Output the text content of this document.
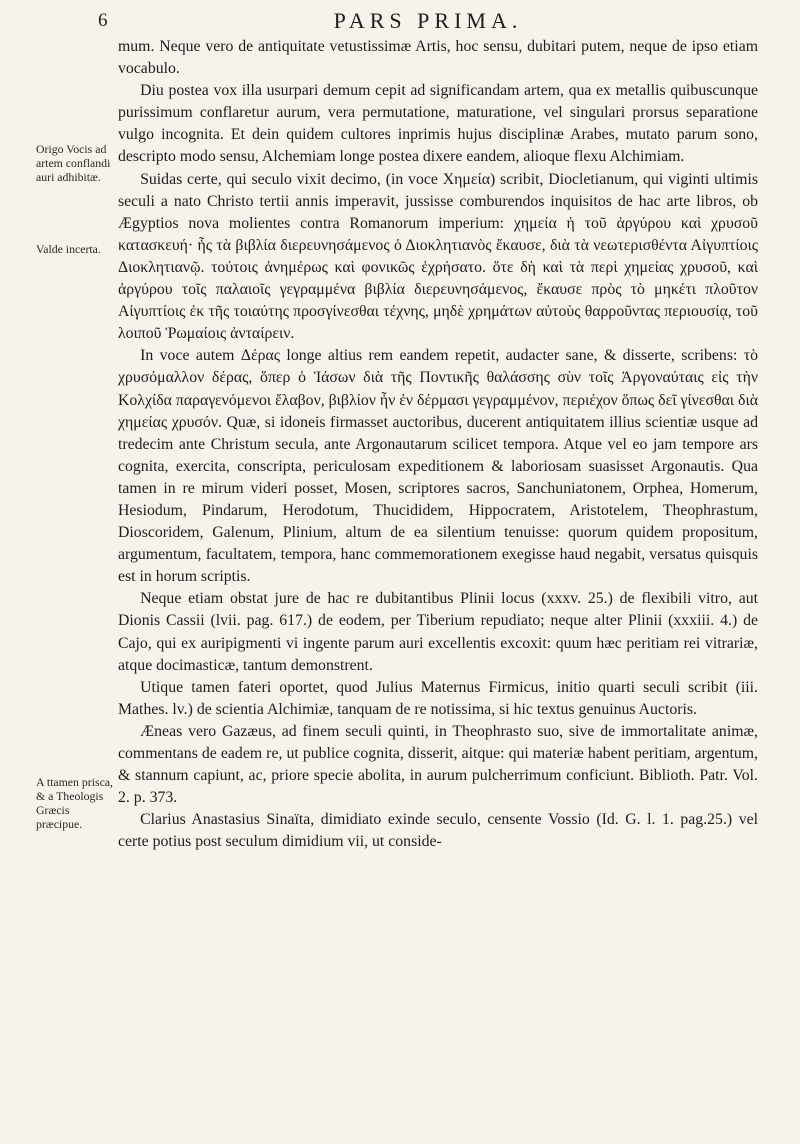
6	PARS PRIMA.
Origo Vocis ad artem conflandi auri adhibitæ.
Valde incerta.
A ttamen prisca, & a Theologis Græcis præcipue.

mum. Neque vero de antiquitate vetustissimæ Artis, hoc sensu, dubitari putem, neque de ipso etiam vocabulo.

Diu postea vox illa usurpari demum cepit ad significandam artem, qua ex metallis quibuscunque purissimum conflaretur aurum, vera permutatione, maturatione, vel singulari prorsus separatione vulgo incognita. Et dein quidem cultores inprimis hujus disciplinæ Arabes, mutato parum sono, descripto modo sensu, Alchemiam longe postea dixere eandem, alioque flexu Alchimiam.

Suidas certe, qui seculo vixit decimo, (in voce Χημεία) scribit, Diocletianum, qui viginti ultimis seculi a nato Christo tertii annis imperavit, jussisse comburendos inquisitos de hac arte libros, ob Ægyptios nova molientes contra Romanorum imperium: χημεία ἡ τοῦ ἀργύρου καὶ χρυσοῦ κατασκευή· ἧς τὰ βιβλία διερευνησάμενος ὁ Διοκλητιανὸς ἔκαυσε, διὰ τὰ νεωτερισθέντα Αἰγυπτίοις Διοκλητιανῷ. τούτοις ἀνημέρως καὶ φονικῶς ἐχρήσατο. ὅτε δὴ καὶ τὰ περὶ χημείας χρυσοῦ, καὶ ἀργύρου τοῖς παλαιοῖς γεγραμμένα βιβλία διερευνησάμενος, ἔκαυσε πρὸς τὸ μηκέτι πλοῦτον Αἰγυπτίοις ἐκ τῆς τοιαύτης προσγίνεσθαι τέχνης, μηδὲ χρημάτων αὐτοὺς θαρροῦντας περιουσίᾳ, τοῦ λοιποῦ Ῥωμαίοις ἀνταίρειν.

In voce autem Δέρας longe altius rem eandem repetit, audacter sane, & disserte, scribens: τὸ χρυσόμαλλον δέρας, ὅπερ ὁ Ἰάσων διὰ τῆς Ποντικῆς θαλάσσης σὺν τοῖς Ἀργοναύταις εἰς τὴν Κολχίδα παραγενόμενοι ἔλαβον, βιβλίον ἦν ἐν δέρμασι γεγραμμένον, περιέχον ὅπως δεῖ γίνεσθαι διὰ χημείας χρυσόν. Quæ, si idoneis firmasset auctoribus, ducerent antiquitatem illius scientiæ usque ad tredecim ante Christum secula, ante Argonautarum scilicet tempora. Atque vel eo jam tempore ars cognita, exercita, conscripta, periculosam expeditionem & laboriosam suasisset Argonautis. Qua tamen in re mirum videri posset, Mosen, scriptores sacros, Sanchuniatonem, Orphea, Homerum, Hesiodum, Pindarum, Herodotum, Thucididem, Hippocratem, Aristotelem, Theophrastum, Dioscoridem, Galenum, Plinium, altum de ea silentium tenuisse: quorum quidem propositum, argumentum, facultatem, tempora, hanc commemorationem exegisse haud negabit, versatus quisquis est in horum scriptis.

Neque etiam obstat jure de hac re dubitantibus Plinii locus (xxxv. 25.) de flexibili vitro, aut Dionis Cassii (lvii. pag. 617.) de eodem, per Tiberium repudiato; neque alter Plinii (xxxiii. 4.) de Cajo, qui ex auripigmenti vi ingente parum auri excellentis excoxit: quum hæc peritiam rei vitrariæ, atque docimasticæ, tantum demonstrent.

Utique tamen fateri oportet, quod Julius Maternus Firmicus, initio quarti seculi scribit (iii. Mathes. lv.) de scientia Alchimiæ, tanquam de re notissima, si hic textus genuinus Auctoris.

Æneas vero Gazæus, ad finem seculi quinti, in Theophrasto suo, sive de immortalitate animæ, commentans de eadem re, ut publice cognita, disserit, aitque: qui materiæ habent peritiam, argentum, & stannum capiunt, ac, priore specie abolita, in aurum pulcherrimum conficiunt. Biblioth. Patr. Vol. 2. p. 373.

Clarius Anastasius Sinaïta, dimidiato exinde seculo, censente Vossio (Id. G. l. 1. pag.25.) vel certe potius post seculum dimidium vii, ut conside-
